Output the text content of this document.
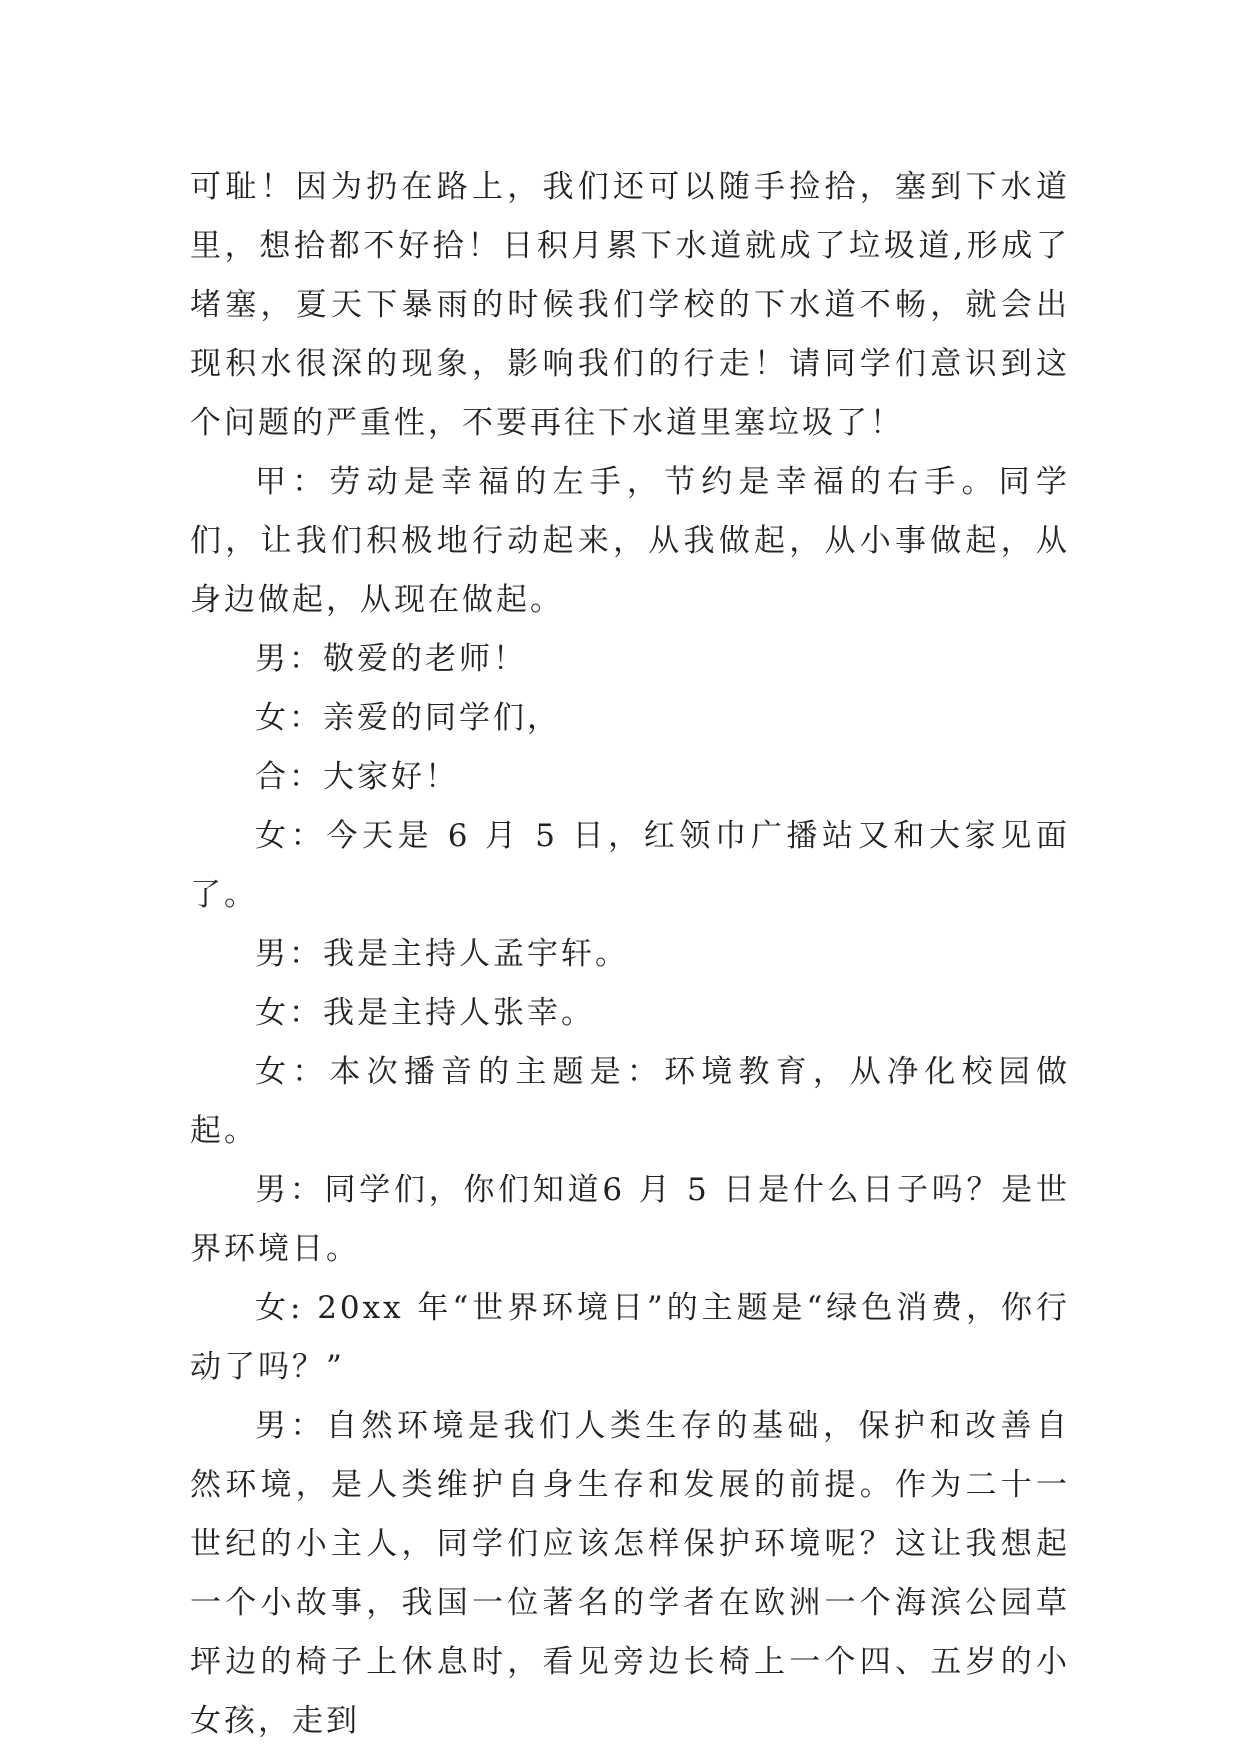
可耻！因为扔在路上，我们还可以随手捡拾，塞到下水道里，想拾都不好拾！日积月累下水道就成了垃圾道,形成了堵塞，夏天下暴雨的时候我们学校的下水道不畅，就会出现积水很深的现象，影响我们的行走！请同学们意识到这个问题的严重性，不要再往下水道里塞垃圾了！

甲：劳动是幸福的左手，节约是幸福的右手。同学们，让我们积极地行动起来，从我做起，从小事做起，从身边做起，从现在做起。

男：敬爱的老师！

女：亲爱的同学们，

合：大家好！

女：今天是 6 月 5 日，红领巾广播站又和大家见面了。

男：我是主持人孟宇轩。

女：我是主持人张幸。

女：本次播音的主题是：环境教育，从净化校园做起。

男：同学们，你们知道6 月 5 日是什么日子吗？是世界环境日。

女: 20xx 年“世界环境日”的主题是“绿色消费，你行动了吗？”

男：自然环境是我们人类生存的基础，保护和改善自然环境，是人类维护自身生存和发展的前提。作为二十一世纪的小主人，同学们应该怎样保护环境呢？这让我想起一个小故事，我国一位著名的学者在欧洲一个海滨公园草坪边的椅子上休息时，看见旁边长椅上一个四、五岁的小女孩，走到
